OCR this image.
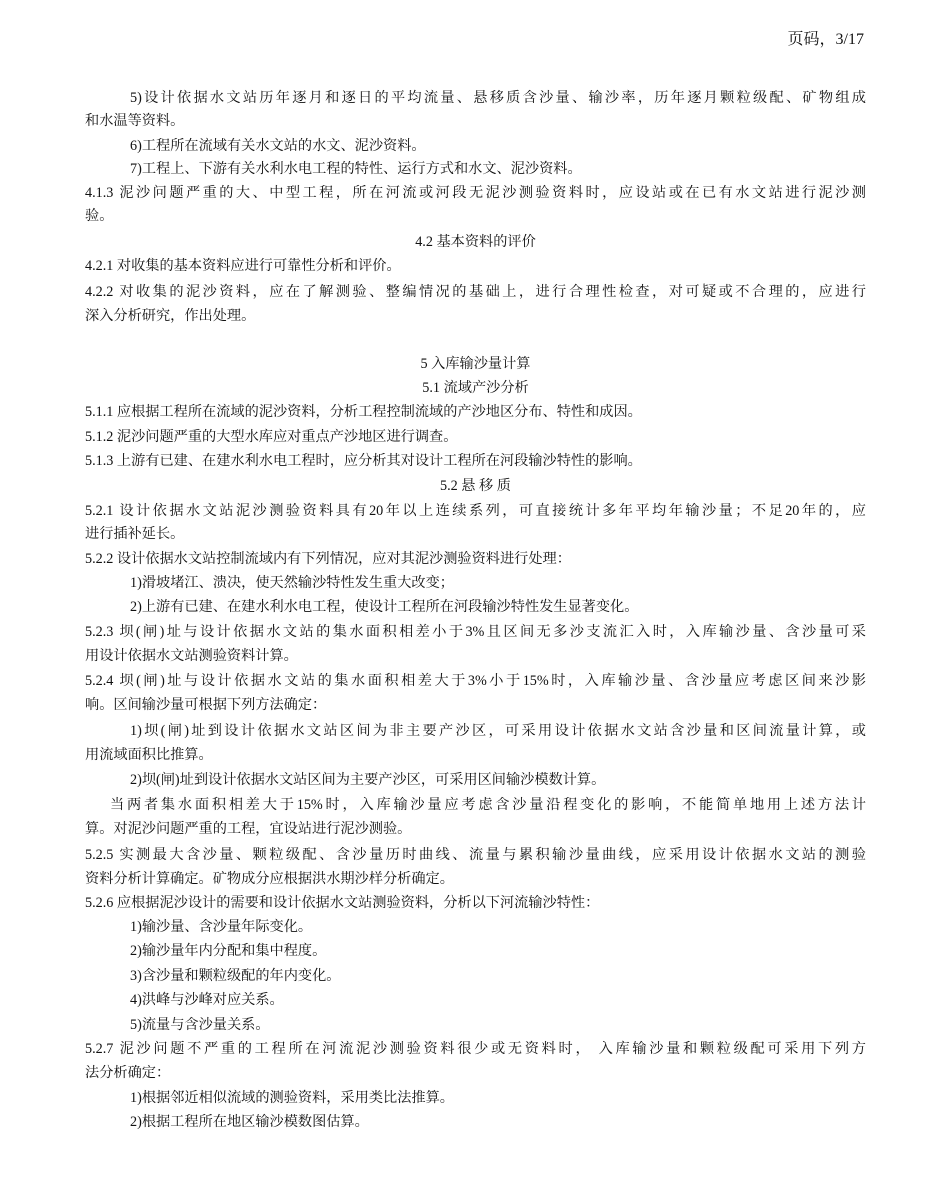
页码，3/17
5)设计依据水文站历年逐月和逐日的平均流量、悬移质含沙量、输沙率，历年逐月颗粒级配、矿物组成
和水温等资料。
6)工程所在流域有关水文站的水文、泥沙资料。
7)工程上、下游有关水利水电工程的特性、运行方式和水文、泥沙资料。
4.1.3 泥沙问题严重的大、中型工程，所在河流或河段无泥沙测验资料时，应设站或在已有水文站进行泥沙测
验。
4.2 基本资料的评价
4.2.1 对收集的基本资料应进行可靠性分析和评价。
4.2.2 对收集的泥沙资料，应在了解测验、整编情况的基础上，进行合理性检查，对可疑或不合理的，应进行
深入分析研究，作出处理。
5 入库输沙量计算
5.1 流域产沙分析
5.1.1 应根据工程所在流域的泥沙资料，分析工程控制流域的产沙地区分布、特性和成因。
5.1.2 泥沙问题严重的大型水库应对重点产沙地区进行调查。
5.1.3 上游有已建、在建水利水电工程时，应分析其对设计工程所在河段输沙特性的影响。
5.2 悬 移 质
5.2.1 设计依据水文站泥沙测验资料具有20年以上连续系列，可直接统计多年平均年输沙量；不足20年的，应
进行插补延长。
5.2.2 设计依据水文站控制流域内有下列情况，应对其泥沙测验资料进行处理：
1)滑坡堵江、溃决，使天然输沙特性发生重大改变；
2)上游有已建、在建水利水电工程，使设计工程所在河段输沙特性发生显著变化。
5.2.3 坝(闸)址与设计依据水文站的集水面积相差小于3%且区间无多沙支流汇入时，入库输沙量、含沙量可采
用设计依据水文站测验资料计算。
5.2.4 坝(闸)址与设计依据水文站的集水面积相差大于3%小于15%时，入库输沙量、含沙量应考虑区间来沙影
响。区间输沙量可根据下列方法确定：
1)坝(闸)址到设计依据水文站区间为非主要产沙区，可采用设计依据水文站含沙量和区间流量计算，或
用流域面积比推算。
2)坝(闸)址到设计依据水文站区间为主要产沙区，可采用区间输沙模数计算。
当两者集水面积相差大于15%时，入库输沙量应考虑含沙量沿程变化的影响，不能简单地用上述方法计
算。对泥沙问题严重的工程，宜设站进行泥沙测验。
5.2.5 实测最大含沙量、颗粒级配、含沙量历时曲线、流量与累积输沙量曲线，应采用设计依据水文站的测验
资料分析计算确定。矿物成分应根据洪水期沙样分析确定。
5.2.6 应根据泥沙设计的需要和设计依据水文站测验资料，分析以下河流输沙特性：
1)输沙量、含沙量年际变化。
2)输沙量年内分配和集中程度。
3)含沙量和颗粒级配的年内变化。
4)洪峰与沙峰对应关系。
5)流量与含沙量关系。
5.2.7 泥沙问题不严重的工程所在河流泥沙测验资料很少或无资料时， 入库输沙量和颗粒级配可采用下列方
法分析确定：
1)根据邻近相似流域的测验资料，采用类比法推算。
2)根据工程所在地区输沙模数图估算。
